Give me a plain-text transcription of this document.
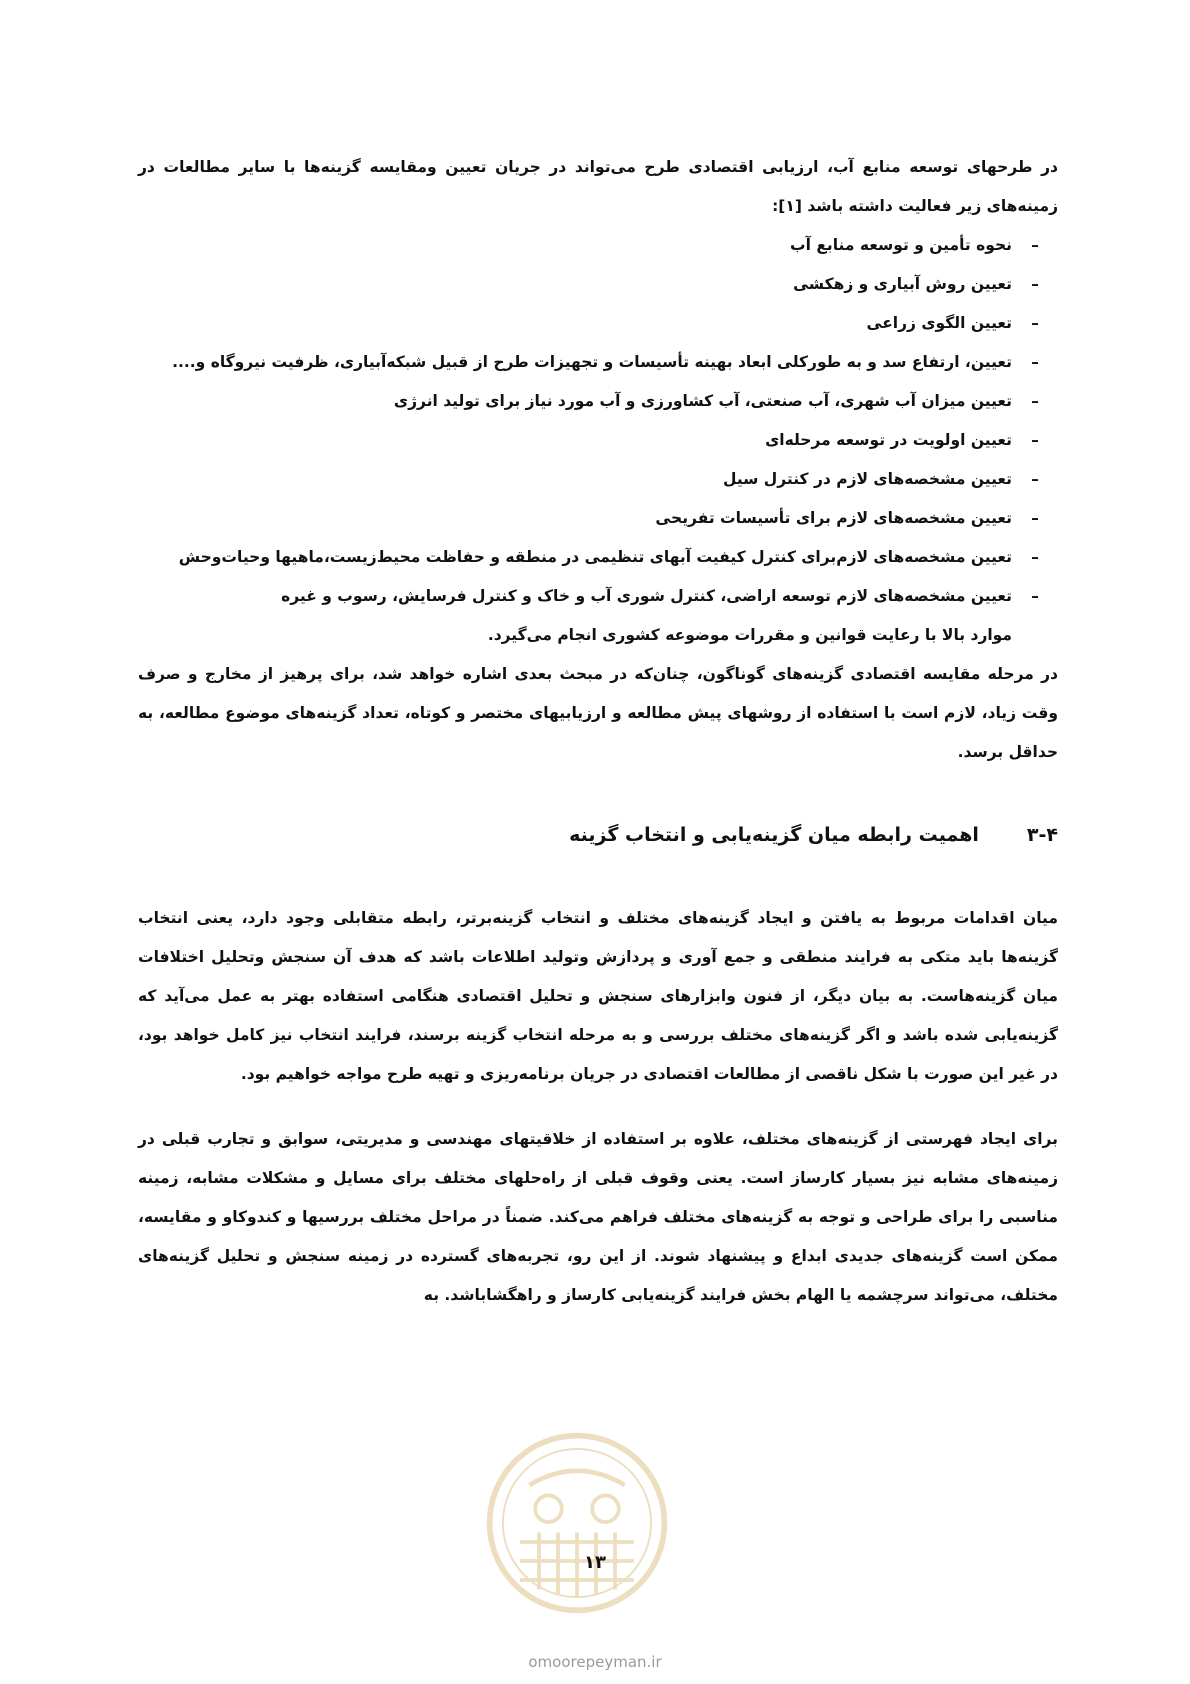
در طرحهای توسعه منابع آب، ارزیابی اقتصادی طرح می‌تواند در جریان تعیین ومقایسه گزینه‌ها با سایر مطالعات در زمینه‌های زیر فعالیت داشته باشد [۱]:

–
نحوه تأمین و توسعه منابع آب
–
تعیین روش آبیاری و زهکشی
–
تعیین الگوی زراعی
–
تعیین، ارتفاع سد و به طورکلی ابعاد بهینه تأسیسات و تجهیزات طرح از قبیل شبکه‌آبیاری، ظرفیت نیروگاه و....
–
تعیین میزان آب شهری، آب صنعتی، آب کشاورزی و آب مورد نیاز برای تولید انرژی
–
تعیین اولویت در توسعه مرحله‌ای
–
تعیین مشخصه‌های لازم در کنترل سیل
–
تعیین مشخصه‌های لازم برای تأسیسات تفریحی
–
تعیین مشخصه‌های لازم‌برای کنترل کیفیت آبهای تنظیمی در منطقه و حفاظت محیط‌زیست،ماهیها وحیات‌وحش
–
تعیین مشخصه‌های لازم توسعه اراضی، کنترل شوری آب و خاک و کنترل فرسایش، رسوب و غیره

موارد بالا با رعایت قوانین و مقررات موضوعه کشوری انجام می‌گیرد.

در مرحله مقایسه اقتصادی گزینه‌های گوناگون، چنان‌که در مبحث بعدی اشاره خواهد شد، برای پرهیز از مخارج و صرف وقت زیاد، لازم است با استفاده از روشهای پیش مطالعه و ارزیابیهای مختصر و کوتاه، تعداد گزینه‌های موضوع مطالعه، به حداقل برسد.

۳-۴
اهمیت رابطه میان گزینه‌یابی و انتخاب گزینه

میان اقدامات مربوط به یافتن و ایجاد گزینه‌های مختلف و انتخاب گزینه‌برتر، رابطه متقابلی وجود دارد، یعنی انتخاب گزینه‌ها باید متکی به فرایند منطقی و جمع آوری و پردازش وتولید اطلاعات باشد که هدف آن سنجش وتحلیل اختلافات میان گزینه‌هاست. به بیان دیگر، از فنون وابزارهای سنجش و تحلیل اقتصادی هنگامی استفاده بهتر به عمل می‌آید که گزینه‌یابی شده باشد و اگر گزینه‌های مختلف بررسی و به مرحله انتخاب گزینه برسند، فرایند انتخاب نیز کامل خواهد بود، در غیر این صورت با شکل ناقصی از مطالعات اقتصادی در جریان برنامه‌ریزی و تهیه طرح مواجه خواهیم بود.

برای ایجاد فهرستی از گزینه‌های مختلف، علاوه بر استفاده از خلاقیتهای مهندسی و مدیریتی، سوابق و تجارب قبلی در زمینه‌های مشابه نیز بسیار کارساز است. یعنی وقوف قبلی از راه‌حلهای مختلف برای مسایل و مشکلات مشابه، زمینه مناسبی را برای طراحی و توجه به گزینه‌های مختلف فراهم می‌کند. ضمناً در مراحل مختلف بررسیها و کندوکاو و مقایسه، ممکن است گزینه‌های جدیدی ابداع و پیشنهاد شوند. از این رو، تجربه‌های گسترده در زمینه سنجش و تحلیل گزینه‌های مختلف، می‌تواند سرچشمه یا الهام بخش فرایند گزینه‌یابی کارساز و راهگشاباشد. به

۱۳
omoorepeyman.ir
